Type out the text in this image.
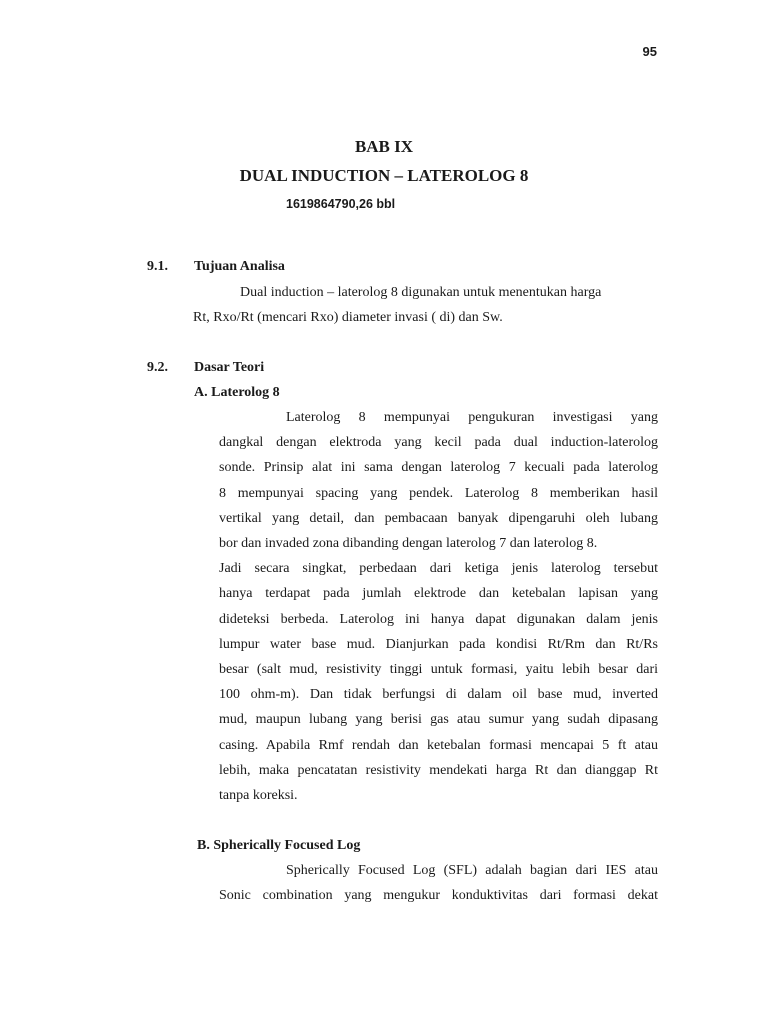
95
BAB IX
DUAL INDUCTION – LATEROLOG 8
1619864790,26 bbl
9.1. Tujuan Analisa
Dual induction – laterolog 8 digunakan untuk menentukan harga
Rt, Rxo/Rt (mencari Rxo) diameter invasi ( di) dan Sw.
9.2. Dasar Teori
A. Laterolog 8
Laterolog 8 mempunyai pengukuran investigasi yang
dangkal dengan elektroda yang kecil pada dual induction-laterolog
sonde. Prinsip alat ini sama dengan laterolog 7 kecuali pada laterolog
8 mempunyai spacing yang pendek. Laterolog 8 memberikan hasil
vertikal yang detail, dan pembacaan banyak dipengaruhi oleh lubang
bor dan invaded zona dibanding dengan laterolog 7 dan laterolog 8.
Jadi secara singkat, perbedaan dari ketiga jenis laterolog tersebut
hanya terdapat pada jumlah elektrode dan ketebalan lapisan yang
dideteksi berbeda. Laterolog ini hanya dapat digunakan dalam jenis
lumpur water base mud. Dianjurkan pada kondisi Rt/Rm dan Rt/Rs
besar (salt mud, resistivity tinggi untuk formasi, yaitu lebih besar dari
100 ohm-m). Dan tidak berfungsi di dalam oil base mud, inverted
mud, maupun lubang yang berisi gas atau sumur yang sudah dipasang
casing. Apabila Rmf rendah dan ketebalan formasi mencapai 5 ft atau
lebih, maka pencatatan resistivity mendekati harga Rt dan dianggap Rt
tanpa koreksi.
B. Spherically Focused Log
Spherically Focused Log (SFL) adalah bagian dari IES atau
Sonic combination yang mengukur konduktivitas dari formasi dekat
